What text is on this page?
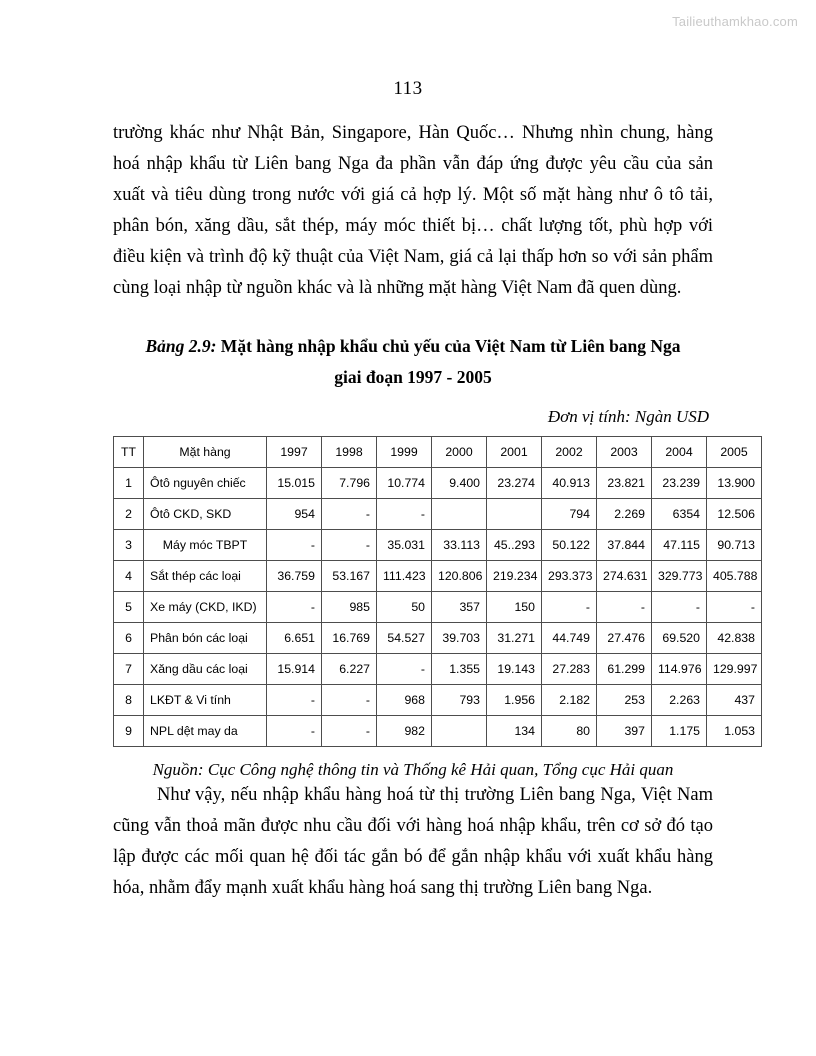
Tailieuthamkhao.com
113

trường khác như Nhật Bản, Singapore, Hàn Quốc… Nhưng nhìn chung, hàng hoá nhập khẩu từ Liên bang Nga đa phần vẫn đáp ứng được yêu cầu của sản xuất và tiêu dùng trong nước với giá cả hợp lý. Một số mặt hàng như ô tô tải, phân bón, xăng dầu, sắt thép, máy móc thiết bị… chất lượng tốt, phù hợp với điều kiện và trình độ kỹ thuật của Việt Nam, giá cả lại thấp hơn so với sản phẩm cùng loại nhập từ nguồn khác và là những mặt hàng Việt Nam đã quen dùng.

Bảng 2.9: Mặt hàng nhập khẩu chủ yếu của Việt Nam từ Liên bang Nga
giai đoạn 1997 - 2005
Đơn vị tính: Ngàn USD
TT	Mặt hàng	1997	1998	1999	2000	2001	2002	2003	2004	2005
1	Ôtô nguyên chiếc	15.015	7.796	10.774	9.400	23.274	40.913	23.821	23.239	13.900
2	Ôtô CKD, SKD	954	-	-			794	2.269	6354	12.506
3	Máy móc TBPT	-	-	35.031	33.113	45..293	50.122	37.844	47.115	90.713
4	Sắt thép các loại	36.759	53.167	111.423	120.806	219.234	293.373	274.631	329.773	405.788
5	Xe máy (CKD, IKD)	-	985	50	357	150	-	-	-	-
6	Phân bón các loại	6.651	16.769	54.527	39.703	31.271	44.749	27.476	69.520	42.838
7	Xăng dầu các loại	15.914	6.227	-	1.355	19.143	27.283	61.299	114.976	129.997
8	LKĐT & Vi tính	-	-	968	793	1.956	2.182	253	2.263	437
9	NPL dệt may da	-	-	982		134	80	397	1.175	1.053
Nguồn: Cục Công nghệ thông tin và Thống kê Hải quan, Tổng cục Hải quan

Như vậy, nếu nhập khẩu hàng hoá từ thị trường Liên bang Nga, Việt Nam cũng vẫn thoả mãn được nhu cầu đối với hàng hoá nhập khẩu, trên cơ sở đó tạo lập được các mối quan hệ đối tác gắn bó để gắn nhập khẩu với xuất khẩu hàng hóa, nhằm đẩy mạnh xuất khẩu hàng hoá sang thị trường Liên bang Nga.
